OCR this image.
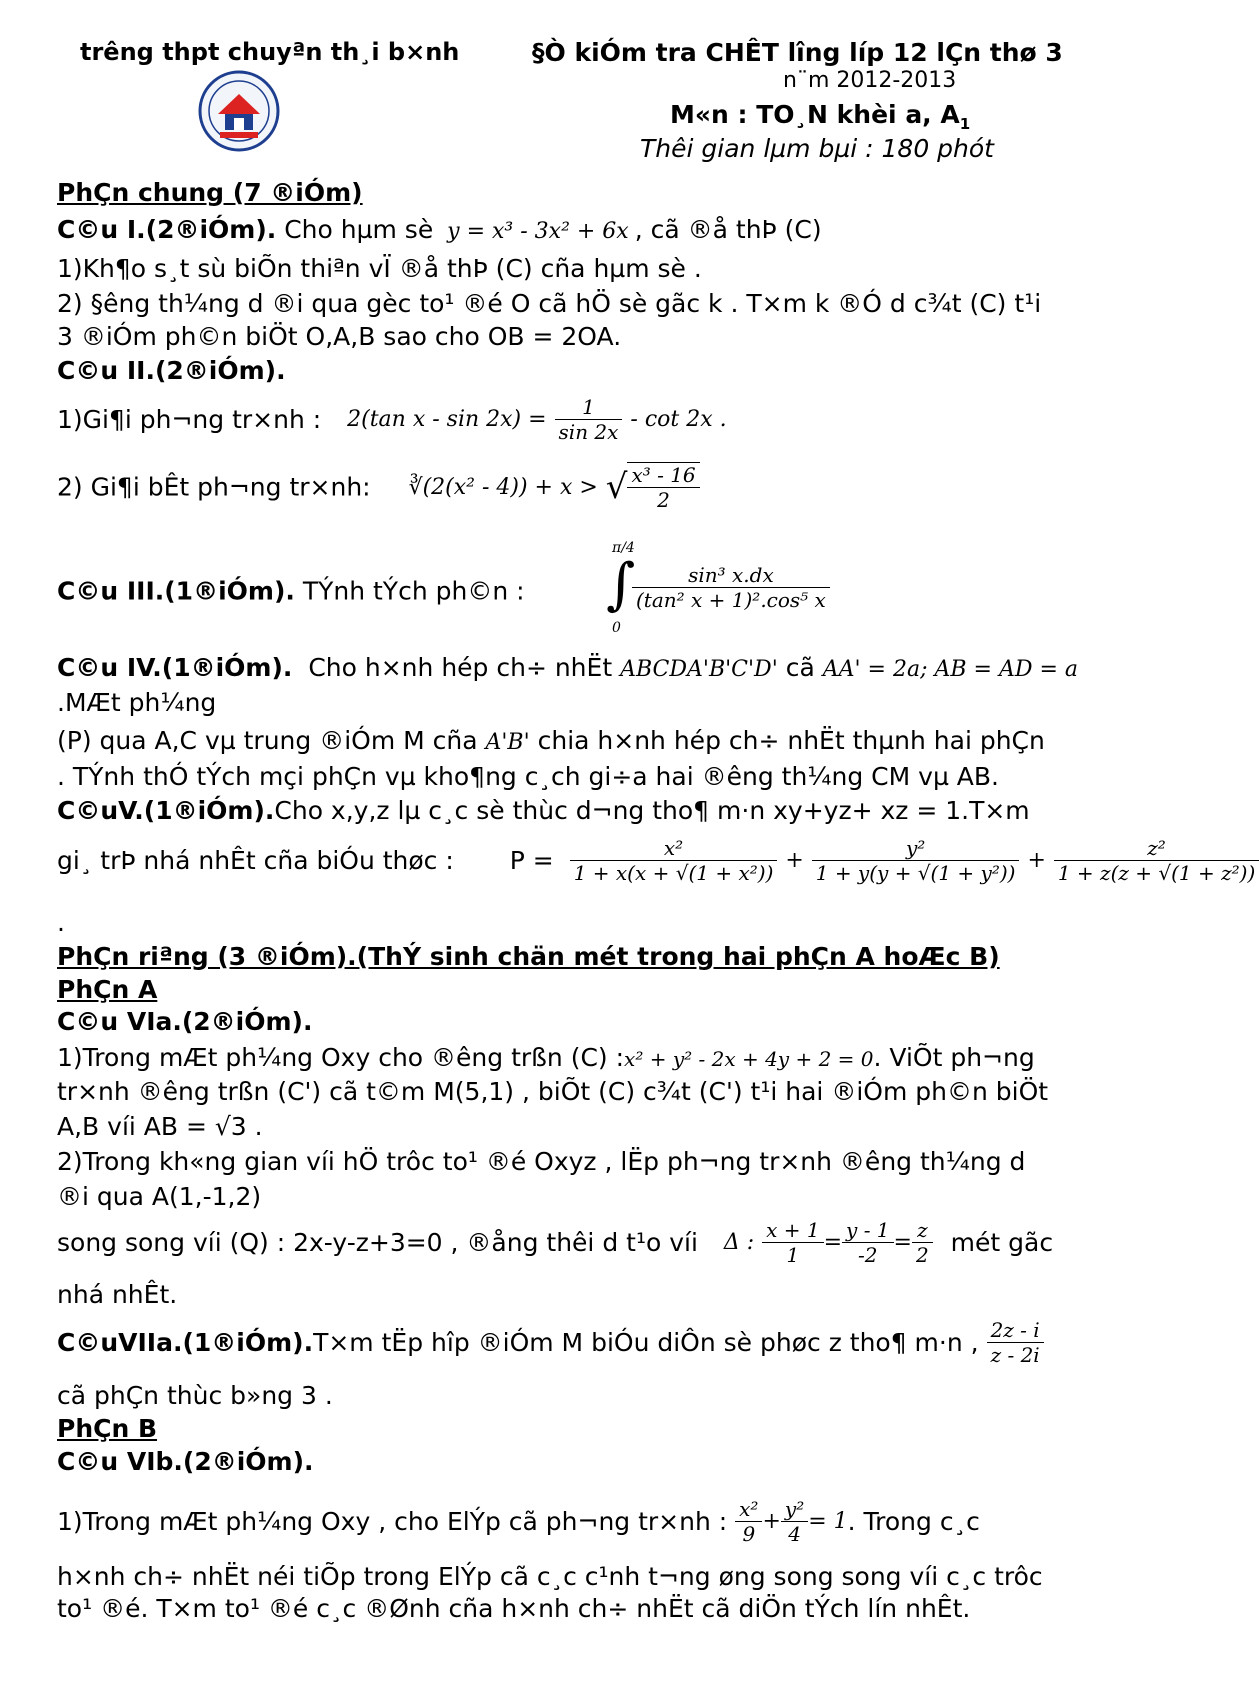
trêng thpt chuyªn th¸i b×nh	§Ò kiÓm tra CHÊT lîng líp 12 lÇn thø 3
n¨m 2012-2013
M«n : TO¸N khèi a, $A_1$
Thêi gian lµm bµi : 180 phót
PhÇn chung (7 ®iÓm)
C©u I.(2®iÓm). Cho hµm sè y = x³ - 3x² + 6x , cã ®å thÞ (C)
1)Kh¶o s¸t sù biÕn thiªn vÏ ®å thÞ (C) cña hµm sè .
2) §êng th¼ng d ®i qua gèc to¹ ®é O cã hÖ sè gãc k . T×m k ®Ó d c¾t (C) t¹i
3 ®iÓm ph©n biÖt O,A,B sao cho OB = 2OA.
C©u II.(2®iÓm).
1)Gi¶i ph¬ng tr×nh : 2(tan $x - \sin 2x) = \frac{1}{\sin 2x} - \cot 2x$ .
2) Gi¶i bÊt ph¬ng tr×nh: ∛(2(x² - 4)) + x > √ $\frac{\text{x³ - 16}}{2}$
C©u III.(1®iÓm). TÝnh tÝch ph©n :
π/4
∫
0
$\frac{\text{sin³ x.dx}}{\text{(tan² x + 1)².cos⁵ x}}$
C©u IV.(1®iÓm). Cho h×nh hép ch÷ nhËt ABCDA'B'C'D' cã AA' = 2a; AB = AD = a
.MÆt ph¼ng
(P) qua A,C vµ trung ®iÓm M cña A'B' chia h×nh hép ch÷ nhËt thµnh hai phÇn
. TÝnh thÓ tÝch mçi phÇn vµ kho¶ng c¸ch gi÷a hai ®êng th¼ng CM vµ AB.
C©uV.(1®iÓm).Cho x,y,z lµ c¸c sè thùc d¬ng tho¶ m·n xy+yz+ xz = 1.T×m
gi¸ trÞ nhá nhÊt cña biÓu thøc : $P = \frac{\text{x²}}{\text{1 + x(x + √(1 + x²))}} + \frac{\text{y²}}{\text{1 + y(y + √(1 + y²))}} + \frac{\text{z²}}{\text{1 + z(z + √(1 + z²))}}$
.
PhÇn riªng (3 ®iÓm).(ThÝ sinh chän mét trong hai phÇn A hoÆc B)
PhÇn A
C©u VIa.(2®iÓm).
1)Trong mÆt ph¼ng Oxy cho ®êng trßn (C) :x² + y² - 2x + 4y + 2 = 0. ViÕt ph¬ng
tr×nh ®êng trßn (C') cã t©m M(5,1) , biÕt (C) c¾t (C') t¹i hai ®iÓm ph©n biÖt
A,B víi AB = √3 .
2)Trong kh«ng gian víi hÖ trôc to¹ ®é Oxyz , lËp ph¬ng tr×nh ®êng th¼ng d
®i qua A(1,-1,2)
song song víi (Q) : 2x-y-z+3=0 , ®ång thêi d t¹o víi Δ : $\frac{x + 1}{1} = \frac{y - 1}{-2} = \frac{z}{2}$ mét gãc
nhá nhÊt.
C©uVIIa.(1®iÓm).T×m tËp hîp ®iÓm M biÓu diÔn sè phøc z tho¶ m·n , $\frac{2z - i}{z - 2i}$
cã phÇn thùc b»ng 3 .
PhÇn B
C©u VIb.(2®iÓm).
1)Trong mÆt ph¼ng Oxy , cho ElÝp cã ph¬ng tr×nh : $\frac{\text{x²}}{9} + \frac{\text{y²}}{4} = 1$. Trong c¸c
h×nh ch÷ nhËt néi tiÕp trong ElÝp cã c¸c c¹nh t¬ng øng song song víi c¸c trôc
to¹ ®é. T×m to¹ ®é c¸c ®Ønh cña h×nh ch÷ nhËt cã diÖn tÝch lín nhÊt.
